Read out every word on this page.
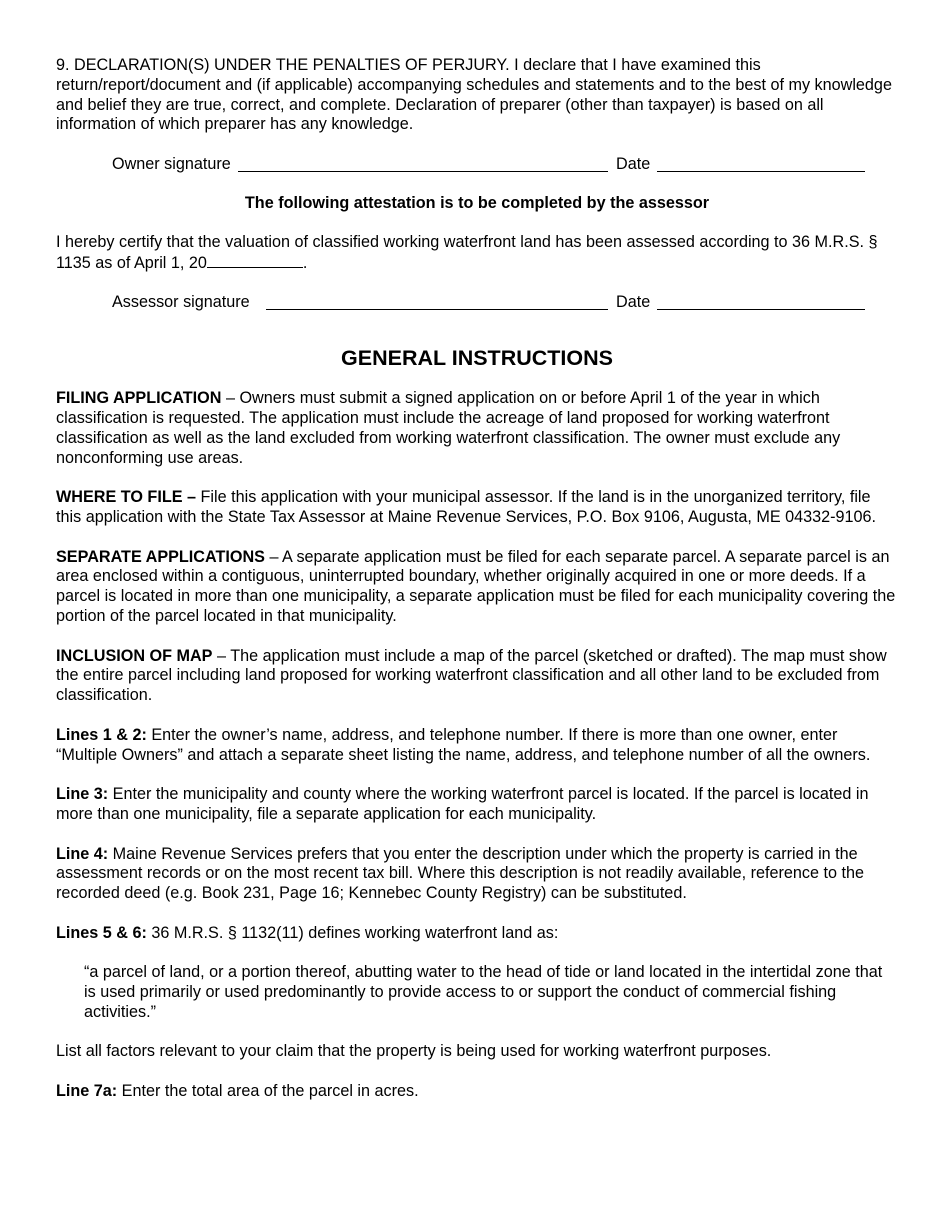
9. DECLARATION(S) UNDER THE PENALTIES OF PERJURY. I declare that I have examined this return/report/document and (if applicable) accompanying schedules and statements and to the best of my knowledge and belief they are true, correct, and complete. Declaration of preparer (other than taxpayer) is based on all information of which preparer has any knowledge.

Owner signature	Date

The following attestation is to be completed by the assessor

I hereby certify that the valuation of classified working waterfront land has been assessed according to 36 M.R.S. § 1135 as of April 1, 20	.

Assessor signature	Date
GENERAL INSTRUCTIONS

FILING APPLICATION – Owners must submit a signed application on or before April 1 of the year in which classification is requested. The application must include the acreage of land proposed for working waterfront classification as well as the land excluded from working waterfront classification. The owner must exclude any nonconforming use areas.

WHERE TO FILE – File this application with your municipal assessor. If the land is in the unorganized territory, file this application with the State Tax Assessor at Maine Revenue Services, P.O. Box 9106, Augusta, ME 04332-9106.

SEPARATE APPLICATIONS – A separate application must be filed for each separate parcel. A separate parcel is an area enclosed within a contiguous, uninterrupted boundary, whether originally acquired in one or more deeds. If a parcel is located in more than one municipality, a separate application must be filed for each municipality covering the portion of the parcel located in that municipality.

INCLUSION OF MAP – The application must include a map of the parcel (sketched or drafted). The map must show the entire parcel including land proposed for working waterfront classification and all other land to be excluded from classification.

Lines 1 & 2: Enter the owner’s name, address, and telephone number. If there is more than one owner, enter “Multiple Owners” and attach a separate sheet listing the name, address, and telephone number of all the owners.

Line 3: Enter the municipality and county where the working waterfront parcel is located. If the parcel is located in more than one municipality, file a separate application for each municipality.

Line 4: Maine Revenue Services prefers that you enter the description under which the property is carried in the assessment records or on the most recent tax bill. Where this description is not readily available, reference to the recorded deed (e.g. Book 231, Page 16; Kennebec County Registry) can be substituted.

Lines 5 & 6: 36 M.R.S. § 1132(11) defines working waterfront land as:

“a parcel of land, or a portion thereof, abutting water to the head of tide or land located in the intertidal zone that is used primarily or used predominantly to provide access to or support the conduct of commercial fishing activities.”

List all factors relevant to your claim that the property is being used for working waterfront purposes.

Line 7a: Enter the total area of the parcel in acres.
